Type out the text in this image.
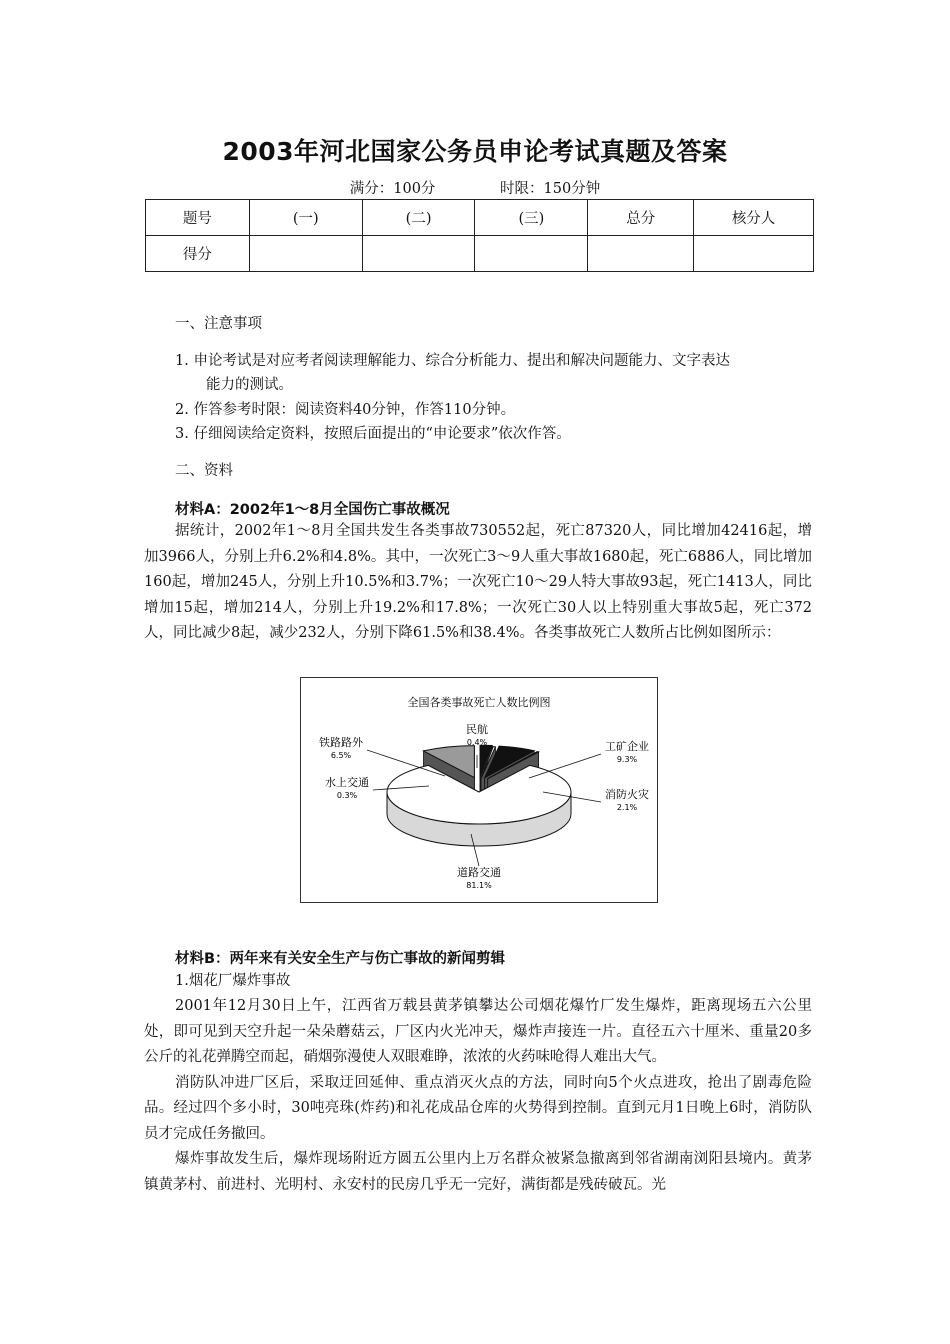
2003年河北国家公务员申论考试真题及答案
满分：100分	时限：150分钟
题号	(一)	(二)	(三)	总分	核分人
得分					
一、注意事项
1. 申论考试是对应考者阅读理解能力、综合分析能力、提出和解决问题能力、文字表达
能力的测试。
2. 作答参考时限：阅读资料40分钟，作答110分钟。
3. 仔细阅读给定资料，按照后面提出的“申论要求”依次作答。
二、资料
材料A：2002年1～8月全国伤亡事故概况

据统计，2002年1～8月全国共发生各类事故730552起，死亡87320人，同比增加42416起，增加3966人，分别上升6.2%和4.8%。其中，一次死亡3～9人重大事故1680起，死亡6886人，同比增加160起，增加245人，分别上升10.5%和3.7%；一次死亡10～29人特大事故93起，死亡1413人，同比增加15起，增加214人，分别上升19.2%和17.8%；一次死亡30人以上特别重大事故5起，死亡372人，同比减少8起，减少232人，分别下降61.5%和38.4%。各类事故死亡人数所占比例如图所示：

全国各类事故死亡人数比例图
道路交通
81.1%
工矿企业
9.3%
消防火灾
2.1%
民航
0.4%
铁路路外
6.5%
水上交通
0.3%
材料B：两年来有关安全生产与伤亡事故的新闻剪辑
1.烟花厂爆炸事故

2001年12月30日上午，江西省万载县黄茅镇攀达公司烟花爆竹厂发生爆炸，距离现场五六公里处，即可见到天空升起一朵朵蘑菇云，厂区内火光冲天，爆炸声接连一片。直径五六十厘米、重量20多公斤的礼花弹腾空而起，硝烟弥漫使人双眼难睁，浓浓的火药味呛得人难出大气。

消防队冲进厂区后，采取迂回延伸、重点消灭火点的方法，同时向5个火点进攻，抢出了剧毒危险品。经过四个多小时，30吨亮珠(炸药)和礼花成品仓库的火势得到控制。直到元月1日晚上6时，消防队员才完成任务撤回。

爆炸事故发生后，爆炸现场附近方圆五公里内上万名群众被紧急撤离到邻省湖南浏阳县境内。黄茅镇黄茅村、前进村、光明村、永安村的民房几乎无一完好，满街都是残砖破瓦。光
